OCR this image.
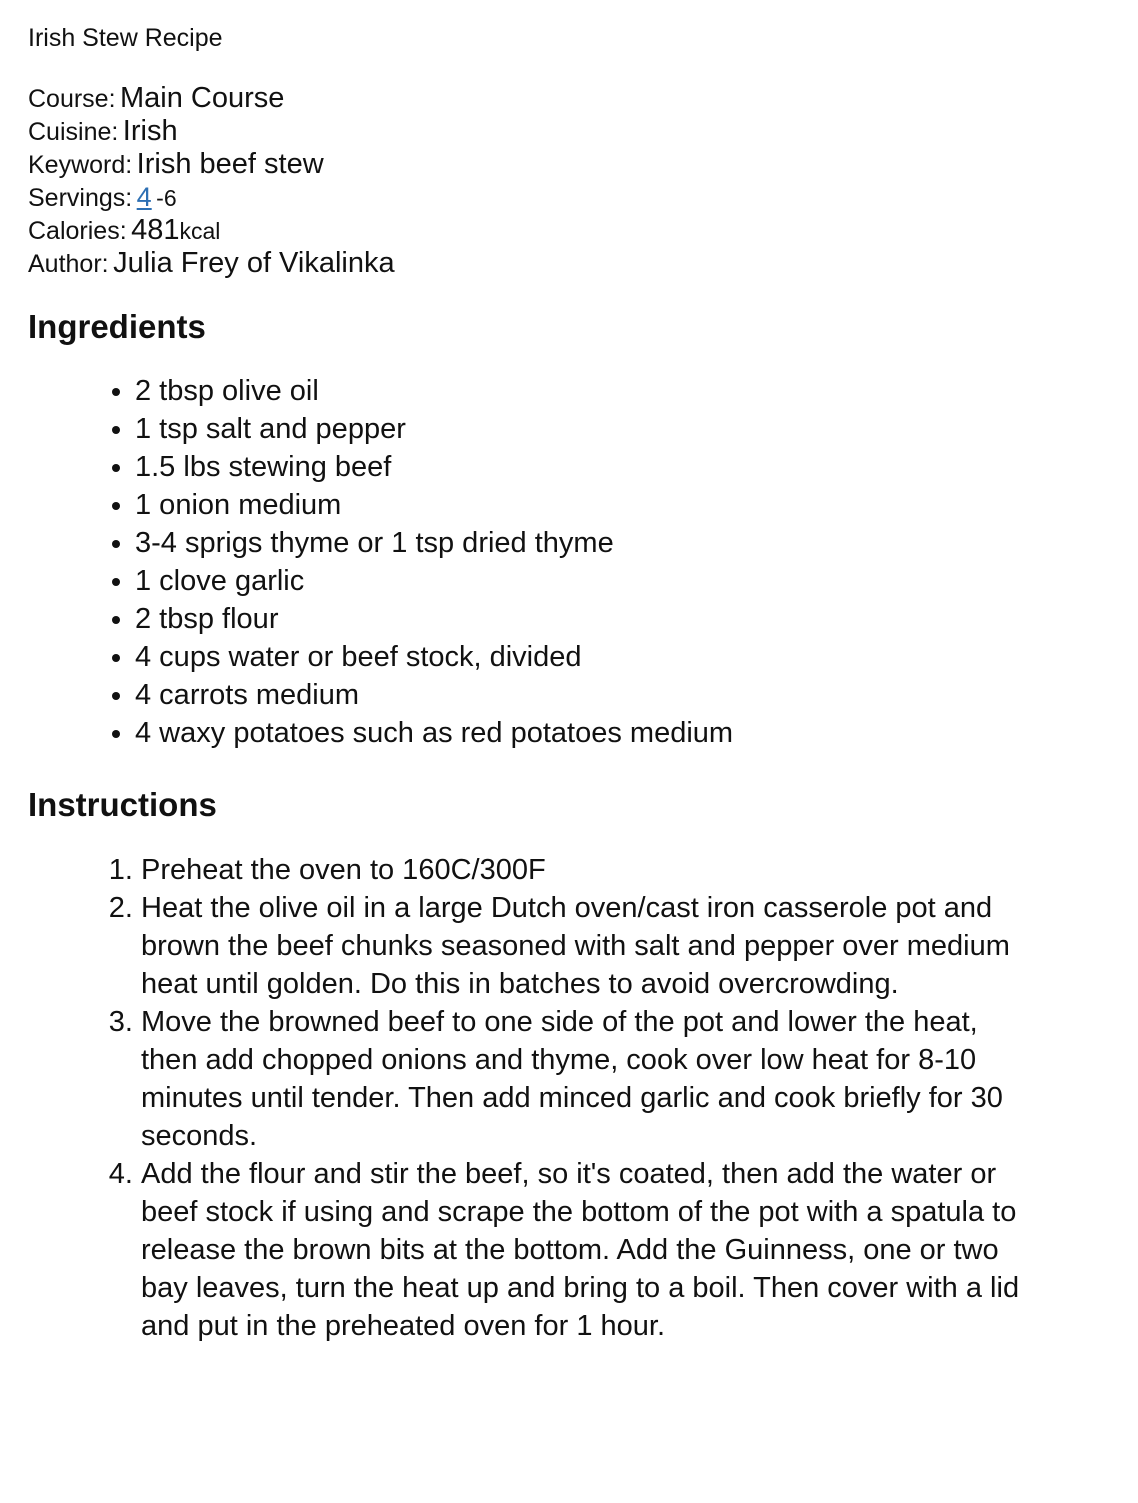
Irish Stew Recipe
Course: Main Course
Cuisine: Irish
Keyword: Irish beef stew
Servings: 4 -6
Calories: 481kcal
Author: Julia Frey of Vikalinka
Ingredients
• 2 tbsp olive oil
• 1 tsp salt and pepper
• 1.5 lbs stewing beef
• 1 onion medium
• 3-4 sprigs thyme or 1 tsp dried thyme
• 1 clove garlic
• 2 tbsp flour
• 4 cups water or beef stock, divided
• 4 carrots medium
• 4 waxy potatoes such as red potatoes medium
Instructions
1. Preheat the oven to 160C/300F
2. Heat the olive oil in a large Dutch oven/cast iron casserole pot and brown the beef chunks seasoned with salt and pepper over medium heat until golden. Do this in batches to avoid overcrowding.
3. Move the browned beef to one side of the pot and lower the heat, then add chopped onions and thyme, cook over low heat for 8-10 minutes until tender. Then add minced garlic and cook briefly for 30 seconds.
4. Add the flour and stir the beef, so it's coated, then add the water or beef stock if using and scrape the bottom of the pot with a spatula to release the brown bits at the bottom. Add the Guinness, one or two bay leaves, turn the heat up and bring to a boil. Then cover with a lid and put in the preheated oven for 1 hour.
